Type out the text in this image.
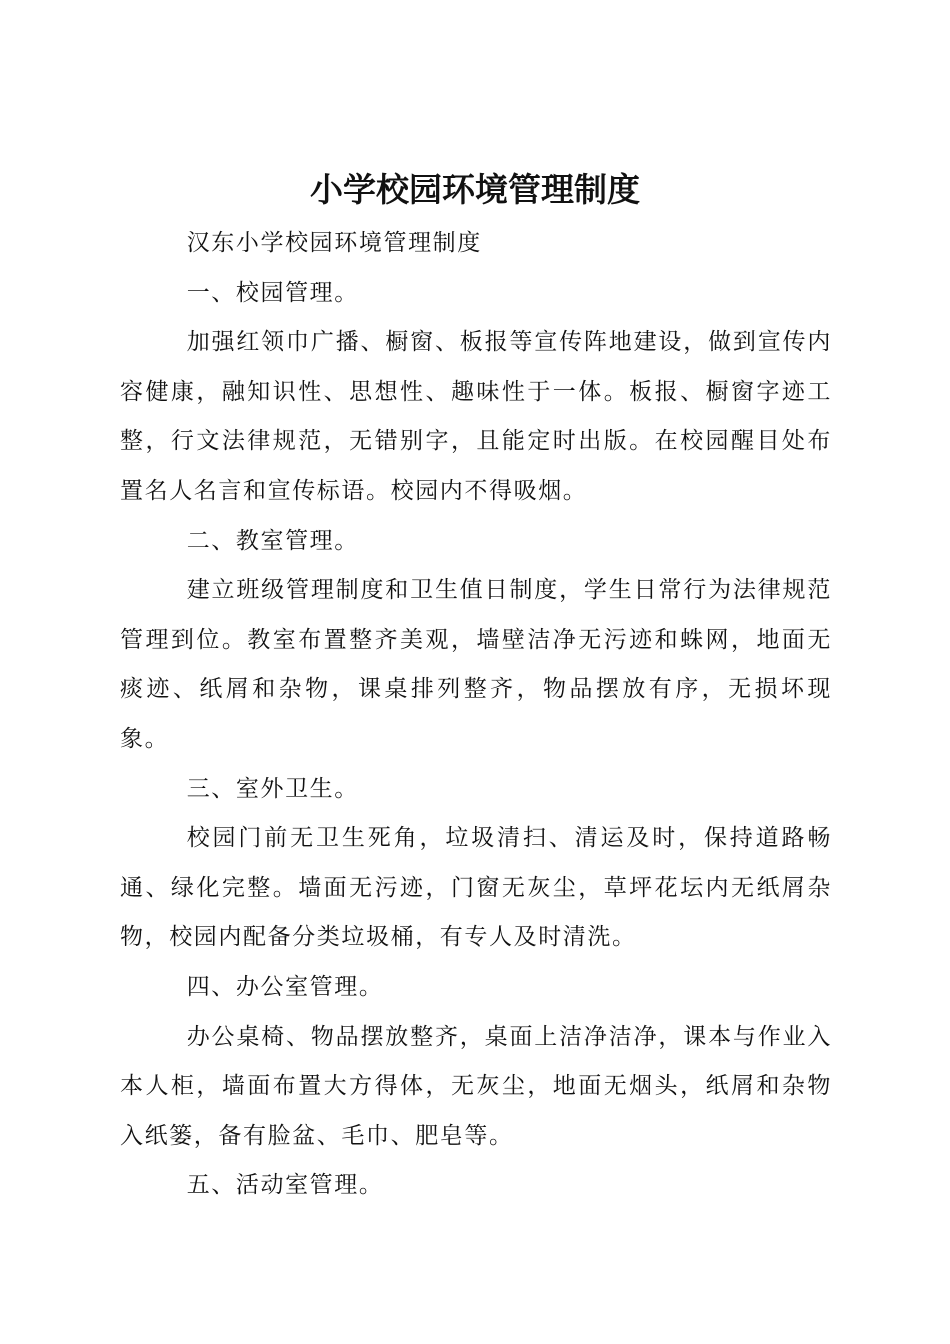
小学校园环境管理制度

汉东小学校园环境管理制度

一、校园管理。

加强红领巾广播、橱窗、板报等宣传阵地建设，做到宣传内容健康，融知识性、思想性、趣味性于一体。板报、橱窗字迹工整，行文法律规范，无错别字，且能定时出版。在校园醒目处布置名人名言和宣传标语。校园内不得吸烟。

二、教室管理。

建立班级管理制度和卫生值日制度，学生日常行为法律规范管理到位。教室布置整齐美观，墙壁洁净无污迹和蛛网，地面无痰迹、纸屑和杂物，课桌排列整齐，物品摆放有序，无损坏现象。

三、室外卫生。

校园门前无卫生死角，垃圾清扫、清运及时，保持道路畅通、绿化完整。墙面无污迹，门窗无灰尘，草坪花坛内无纸屑杂物，校园内配备分类垃圾桶，有专人及时清洗。

四、办公室管理。

办公桌椅、物品摆放整齐，桌面上洁净洁净，课本与作业入本人柜，墙面布置大方得体，无灰尘，地面无烟头，纸屑和杂物入纸篓，备有脸盆、毛巾、肥皂等。

五、活动室管理。
